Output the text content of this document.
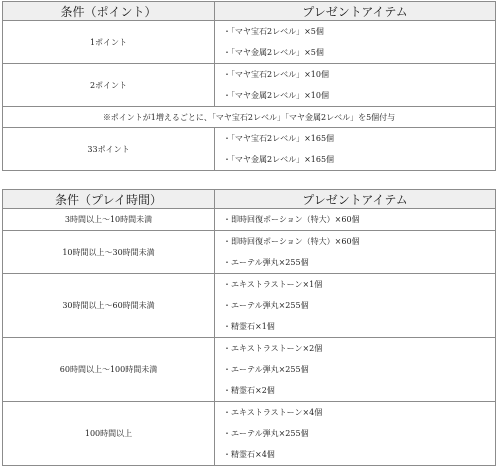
条件（ポイント）	プレゼントアイテム
1ポイント	・「マヤ宝石2レベル」×5個
・「マヤ金属2レベル」×5個

2ポイント	・「マヤ宝石2レベル」×10個
・「マヤ金属2レベル」×10個

※ポイントが1増えるごとに、「マヤ宝石2レベル」「マヤ金属2レベル」を5個付与	
33ポイント	・「マヤ宝石2レベル」×165個
・「マヤ金属2レベル」×165個
条件（プレイ時間）	プレゼントアイテム
3時間以上～10時間未満	・即時回復ポーション（特大）×60個

10時間以上～30時間未満	・即時回復ポーション（特大）×60個
・エーテル弾丸×255個

30時間以上～60時間未満	・エキストラストーン×1個
・エーテル弾丸×255個
・精霊石×1個

60時間以上～100時間未満	・エキストラストーン×2個
・エーテル弾丸×255個
・精霊石×2個

100時間以上	・エキストラストーン×4個
・エーテル弾丸×255個
・精霊石×4個
